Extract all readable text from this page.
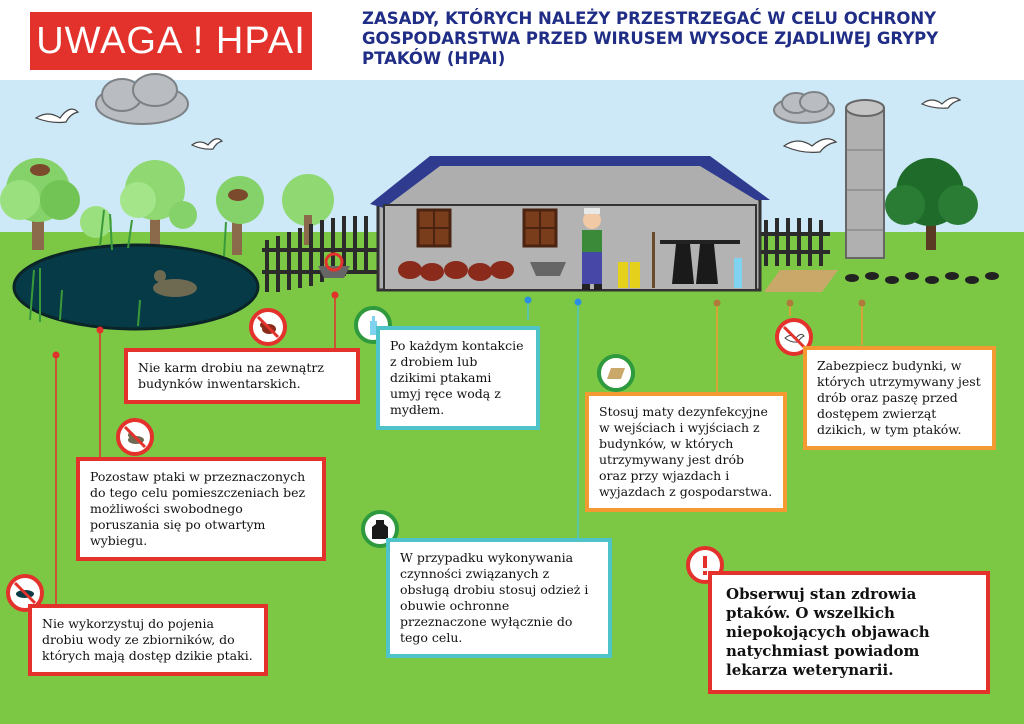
UWAGA ! HPAI
ZASADY, KTÓRYCH NALEŻY PRZESTRZEGAĆ W CELU OCHRONY GOSPODARSTWA PRZED WIRUSEM WYSOCE ZJADLIWEJ GRYPY PTAKÓW (HPAI)
Nie karm drobiu na zewnątrz budynków inwentarskich.
Po każdym kontakcie z drobiem lub dzikimi ptakami umyj ręce wodą z mydłem.
Zabezpiecz budynki, w których utrzymywany jest drób oraz paszę przed dostępem zwierząt dzikich, w tym ptaków.
Pozostaw ptaki w przeznaczonych do tego celu pomieszczeniach bez możliwości swobodnego poruszania się po otwartym wybiegu.
Stosuj maty dezynfekcyjne w wejściach i wyjściach z budynków, w których utrzymywany jest drób oraz przy wjazdach i wyjazdach z gospodarstwa.
W przypadku wykonywania czynności związanych z obsługą drobiu stosuj odzież i obuwie ochronne przeznaczone wyłącznie do tego celu.
Nie wykorzystuj do pojenia drobiu wody ze zbiorników, do których mają dostęp dzikie ptaki.
Obserwuj stan zdrowia ptaków. O wszelkich niepokojących objawach natychmiast powiadom lekarza weterynarii.
